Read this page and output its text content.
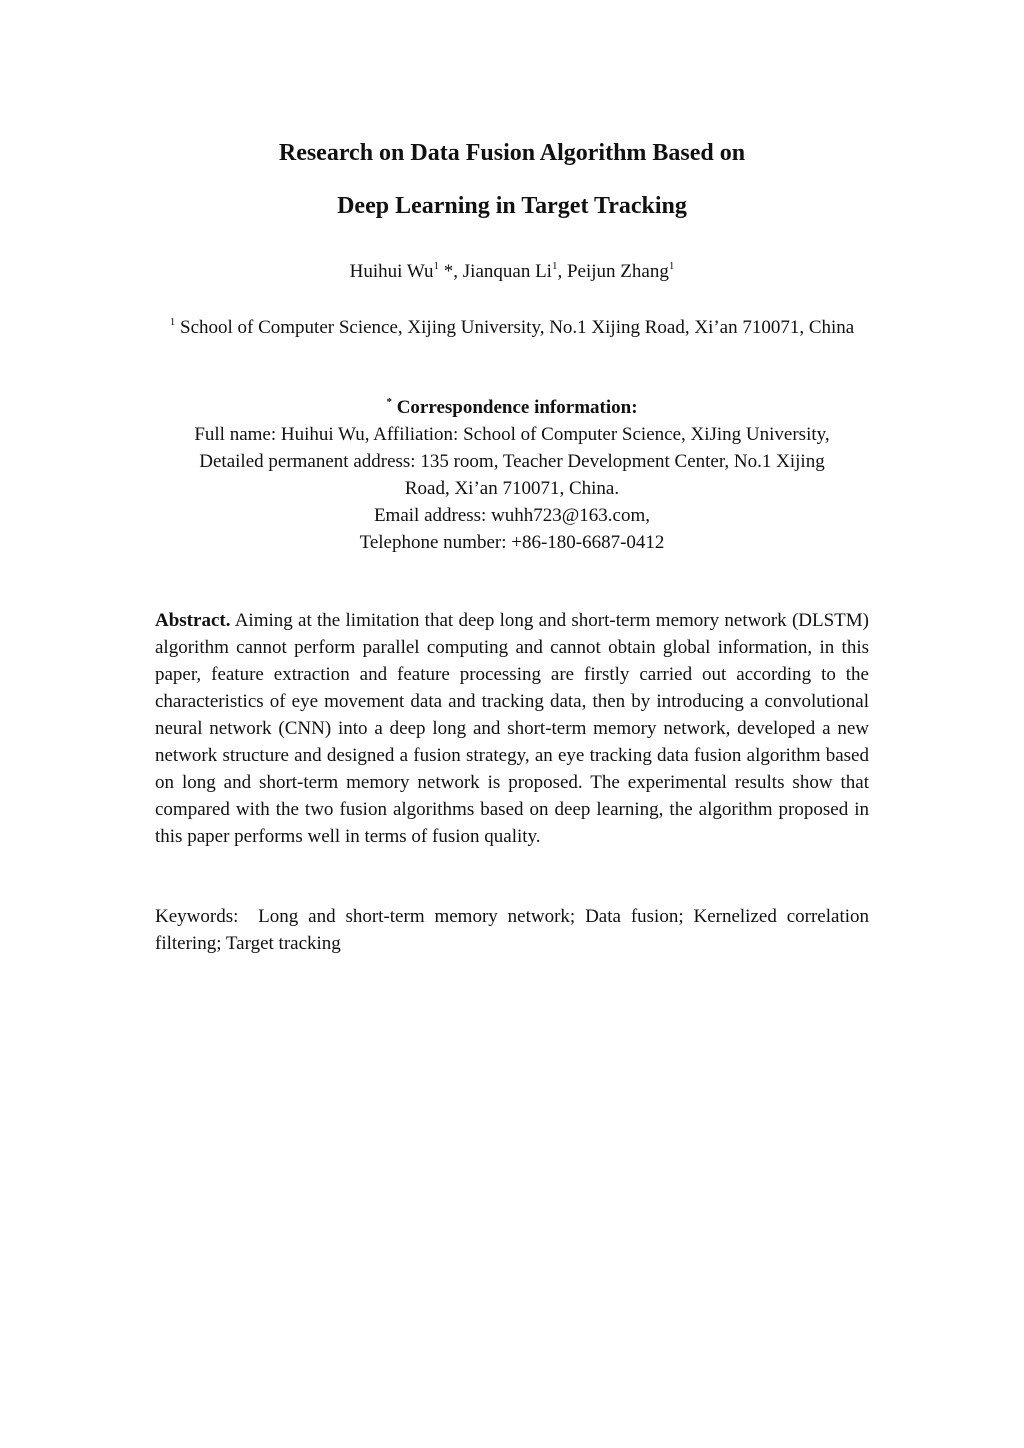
Research on Data Fusion Algorithm Based on
Deep Learning in Target Tracking
Huihui Wu$^1$ *, Jianquan Li$^1$, Peijun Zhang$^1$
$^1$ School of Computer Science, Xijing University, No.1 Xijing Road, Xi’an 710071, China
* Correspondence information:
Full name: Huihui Wu, Affiliation: School of Computer Science, XiJing University,
Detailed permanent address: 135 room, Teacher Development Center, No.1 Xijing
Road, Xi’an 710071, China.
Email address: wuhh723@163.com,
Telephone number: +86-180-6687-0412

Abstract. Aiming at the limitation that deep long and short-term memory network (DLSTM) algorithm cannot perform parallel computing and cannot obtain global information, in this paper, feature extraction and feature processing are firstly carried out according to the characteristics of eye movement data and tracking data, then by introducing a convolutional neural network (CNN) into a deep long and short-term memory network, developed a new network structure and designed a fusion strategy, an eye tracking data fusion algorithm based on long and short-term memory network is proposed. The experimental results show that compared with the two fusion algorithms based on deep learning, the algorithm proposed in this paper performs well in terms of fusion quality.

Keywords: Long and short-term memory network; Data fusion; Kernelized correlation filtering; Target tracking
